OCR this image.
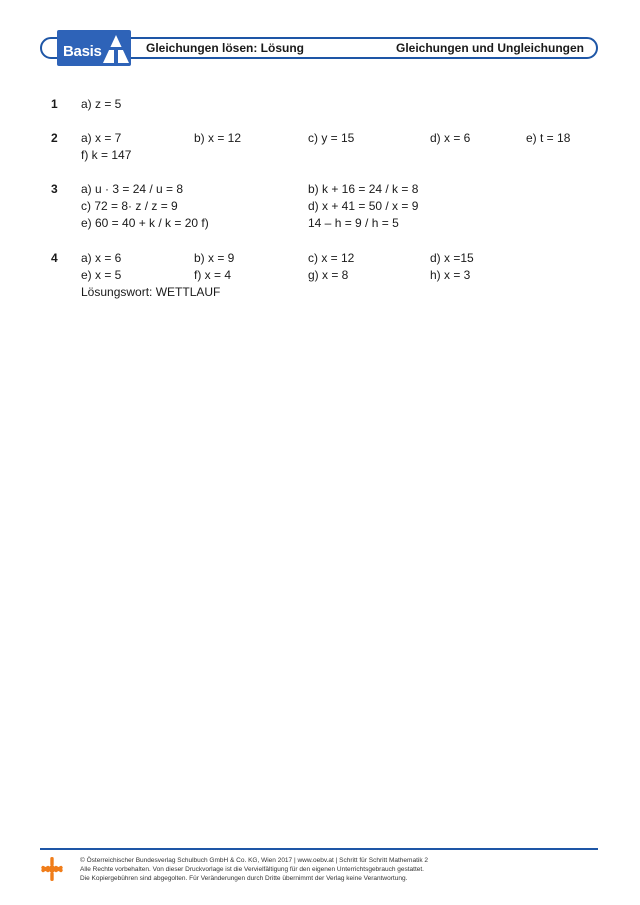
Basis	Gleichungen lösen: Lösung	Gleichungen und Ungleichungen
1 a) z = 5
2 a) x = 7	b) x = 12	c) y = 15	d) x = 6	e) t = 18
f) k = 147
3 a) u · 3 = 24 / u = 8	b) k + 16 = 24 / k = 8
c) 72 = 8· z / z = 9	d) x + 41 = 50 / x = 9
e) 60 = 40 + k / k = 20 f)	14 – h = 9 / h = 5
4 a) x = 6	b) x = 9	c) x = 12	d) x =15
e) x = 5	f) x = 4	g) x = 8	h) x = 3
Lösungswort: WETTLAUF
© Österreichischer Bundesverlag Schulbuch GmbH & Co. KG, Wien 2017 | www.oebv.at | Schritt für Schritt Mathematik 2
Alle Rechte vorbehalten. Von dieser Druckvorlage ist die Vervielfältigung für den eigenen Unterrichtsgebrauch gestattet.
Die Kopiergebühren sind abgegolten. Für Veränderungen durch Dritte übernimmt der Verlag keine Verantwortung.
